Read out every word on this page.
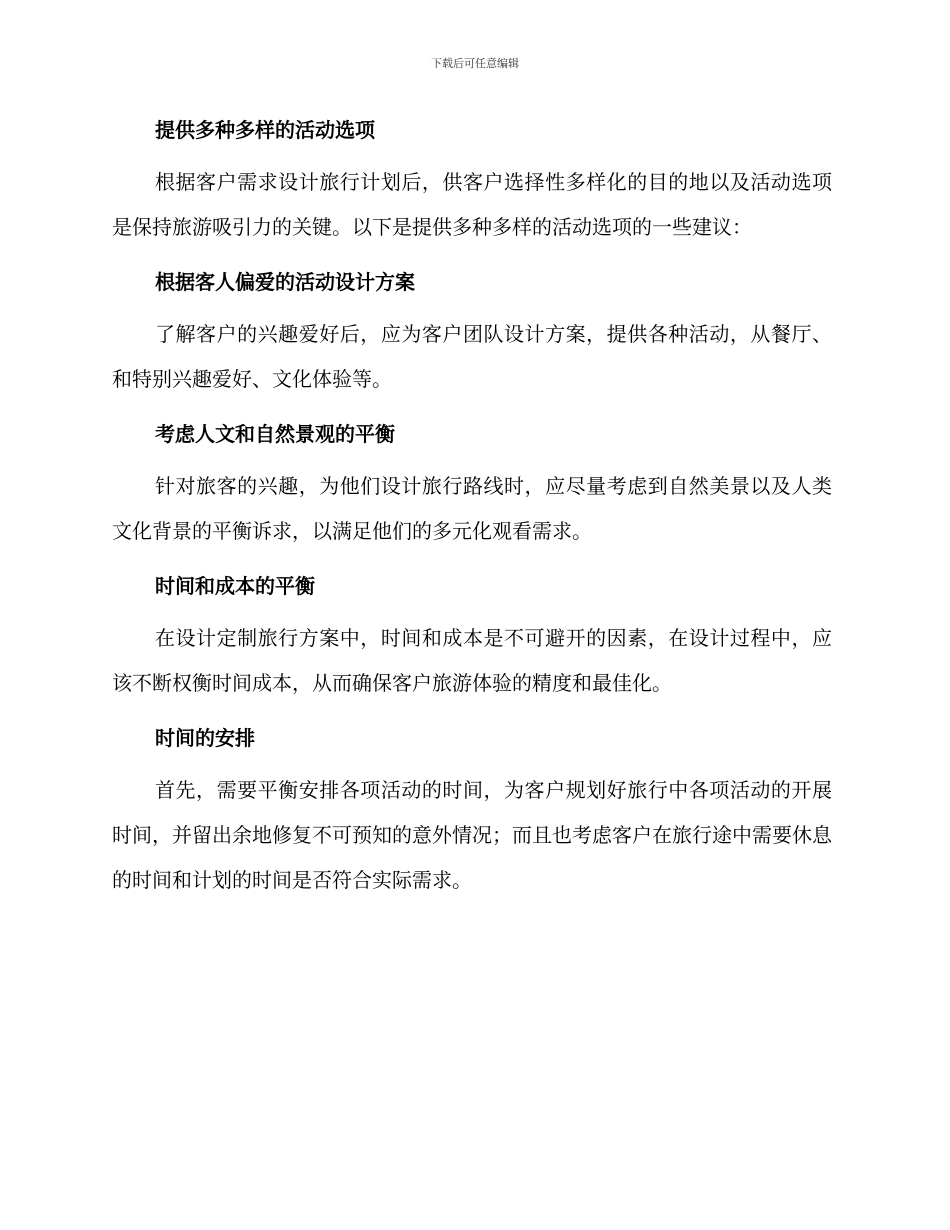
下载后可任意编辑

提供多种多样的活动选项

根据客户需求设计旅行计划后，供客户选择性多样化的目的地以及活动选项是保持旅游吸引力的关键。以下是提供多种多样的活动选项的一些建议：

根据客人偏爱的活动设计方案

了解客户的兴趣爱好后，应为客户团队设计方案，提供各种活动，从餐厅、和特别兴趣爱好、文化体验等。

考虑人文和自然景观的平衡

针对旅客的兴趣，为他们设计旅行路线时，应尽量考虑到自然美景以及人类文化背景的平衡诉求，以满足他们的多元化观看需求。

时间和成本的平衡

在设计定制旅行方案中，时间和成本是不可避开的因素，在设计过程中，应该不断权衡时间成本，从而确保客户旅游体验的精度和最佳化。

时间的安排

首先，需要平衡安排各项活动的时间，为客户规划好旅行中各项活动的开展时间，并留出余地修复不可预知的意外情况；而且也考虑客户在旅行途中需要休息的时间和计划的时间是否符合实际需求。
